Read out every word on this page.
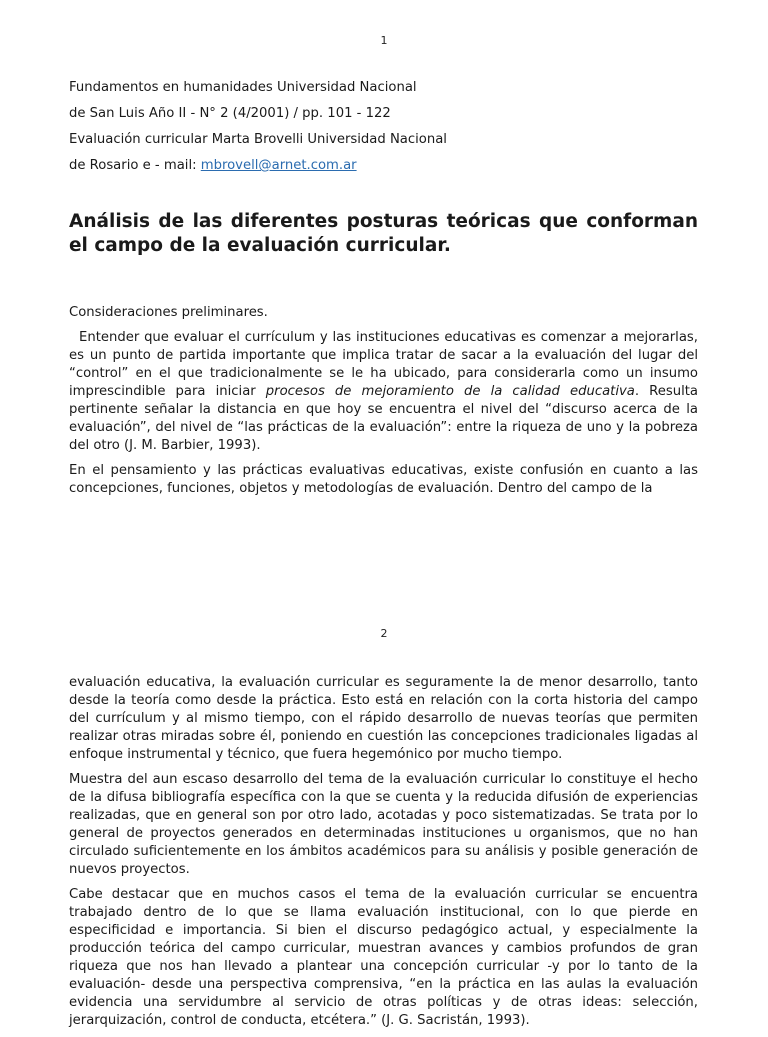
1

Fundamentos en humanidades Universidad Nacional

de San Luis Año II - N° 2 (4/2001) / pp. 101 - 122

Evaluación curricular Marta Brovelli Universidad Nacional

de Rosario e - mail: mbrovell@arnet.com.ar

Análisis de las diferentes posturas teóricas que conforman el campo de la evaluación curricular.

Consideraciones preliminares.

Entender que evaluar el currículum y las instituciones educativas es comenzar a mejorarlas, es un punto de partida importante que implica tratar de sacar a la evaluación del lugar del “control” en el que tradicionalmente se le ha ubicado, para considerarla como un insumo imprescindible para iniciar procesos de mejoramiento de la calidad educativa. Resulta pertinente señalar la distancia en que hoy se encuentra el nivel del “discurso acerca de la evaluación”, del nivel de “las prácticas de la evaluación”: entre la riqueza de uno y la pobreza del otro (J. M. Barbier, 1993).

En el pensamiento y las prácticas evaluativas educativas, existe confusión en cuanto a las concepciones, funciones, objetos y metodologías de evaluación. Dentro del campo de la

2

evaluación educativa, la evaluación curricular es seguramente la de menor desarrollo, tanto desde la teoría como desde la práctica. Esto está en relación con la corta historia del campo del currículum y al mismo tiempo, con el rápido desarrollo de nuevas teorías que permiten realizar otras miradas sobre él, poniendo en cuestión las concepciones tradicionales ligadas al enfoque instrumental y técnico, que fuera hegemónico por mucho tiempo.

Muestra del aun escaso desarrollo del tema de la evaluación curricular lo constituye el hecho de la difusa bibliografía específica con la que se cuenta y la reducida difusión de experiencias realizadas, que en general son por otro lado, acotadas y poco sistematizadas. Se trata por lo general de proyectos generados en determinadas instituciones u organismos, que no han circulado suficientemente en los ámbitos académicos para su análisis y posible generación de nuevos proyectos.

Cabe destacar que en muchos casos el tema de la evaluación curricular se encuentra trabajado dentro de lo que se llama evaluación institucional, con lo que pierde en especificidad e importancia. Si bien el discurso pedagógico actual, y especialmente la producción teórica del campo curricular, muestran avances y cambios profundos de gran riqueza que nos han llevado a plantear una concepción curricular -y por lo tanto de la evaluación- desde una perspectiva comprensiva, “en la práctica en las aulas la evaluación evidencia una servidumbre al servicio de otras políticas y de otras ideas: selección, jerarquización, control de conducta, etcétera.” (J. G. Sacristán, 1993).
